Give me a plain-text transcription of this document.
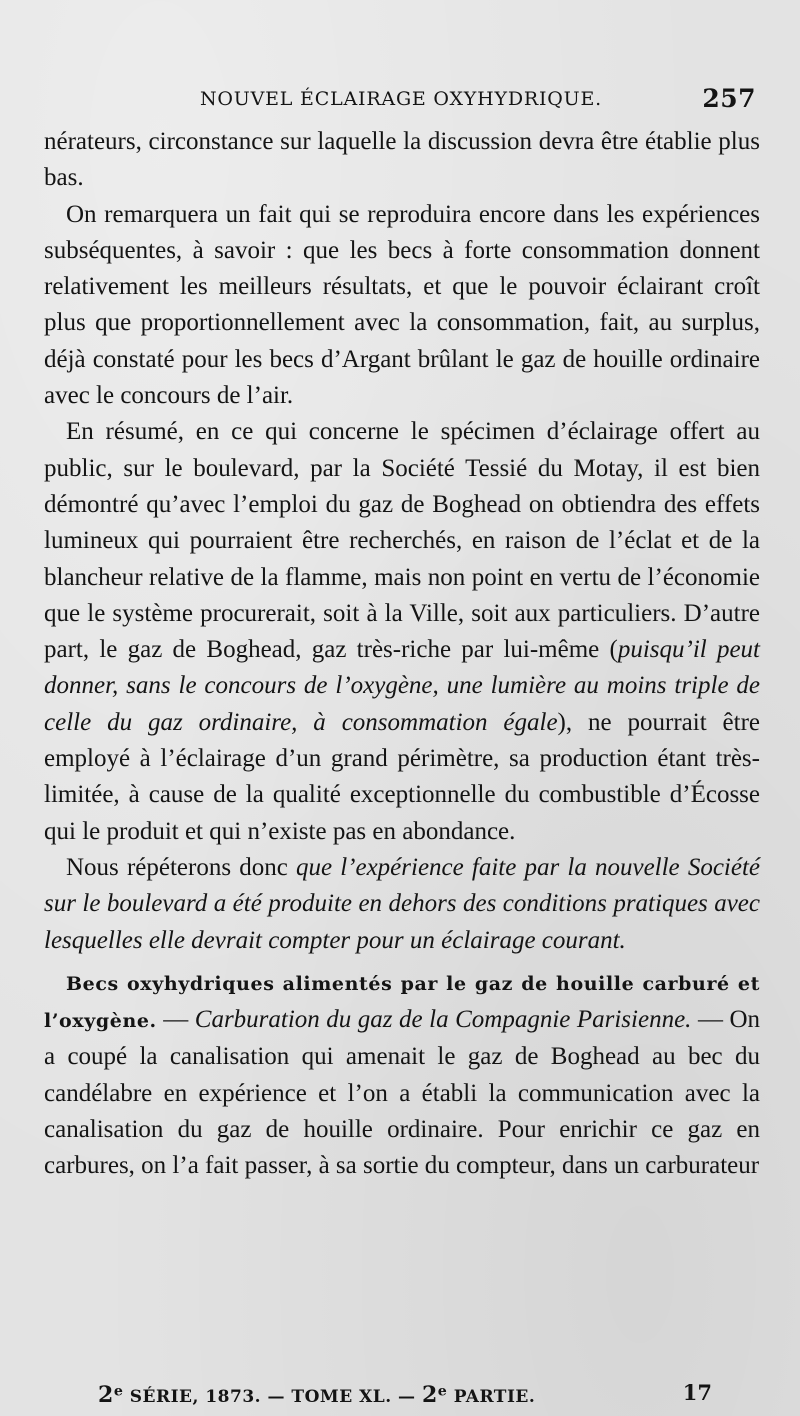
NOUVEL ÉCLAIRAGE OXYHYDRIQUE.	257

nérateurs, circonstance sur laquelle la discussion devra être établie plus bas.

On remarquera un fait qui se reproduira encore dans les expériences subséquentes, à savoir : que les becs à forte consommation donnent relativement les meilleurs résultats, et que le pouvoir éclairant croît plus que proportionnellement avec la consommation, fait, au surplus, déjà constaté pour les becs d’Argant brûlant le gaz de houille ordinaire avec le concours de l’air.

En résumé, en ce qui concerne le spécimen d’éclairage offert au public, sur le boulevard, par la Société Tessié du Motay, il est bien démontré qu’avec l’emploi du gaz de Boghead on obtiendra des effets lumineux qui pourraient être recherchés, en raison de l’éclat et de la blancheur relative de la flamme, mais non point en vertu de l’économie que le système procurerait, soit à la Ville, soit aux particuliers. D’autre part, le gaz de Boghead, gaz très-riche par lui-même (puisqu’il peut donner, sans le concours de l’oxygène, une lumière au moins triple de celle du gaz ordinaire, à consommation égale), ne pourrait être employé à l’éclairage d’un grand périmètre, sa production étant très-limitée, à cause de la qualité exceptionnelle du combustible d’Écosse qui le produit et qui n’existe pas en abondance.

Nous répéterons donc que l’expérience faite par la nouvelle Société sur le boulevard a été produite en dehors des conditions pratiques avec lesquelles elle devrait compter pour un éclairage courant.

Becs oxyhydriques alimentés par le gaz de houille carburé et l’oxygène. — Carburation du gaz de la Compagnie Parisienne. — On a coupé la canalisation qui amenait le gaz de Boghead au bec du candélabre en expérience et l’on a établi la communication avec la canalisation du gaz de houille ordinaire. Pour enrichir ce gaz en carbures, on l’a fait passer, à sa sortie du compteur, dans un carburateur

2e SÉRIE, 1873. — TOME XL. — 2e PARTIE.	17
